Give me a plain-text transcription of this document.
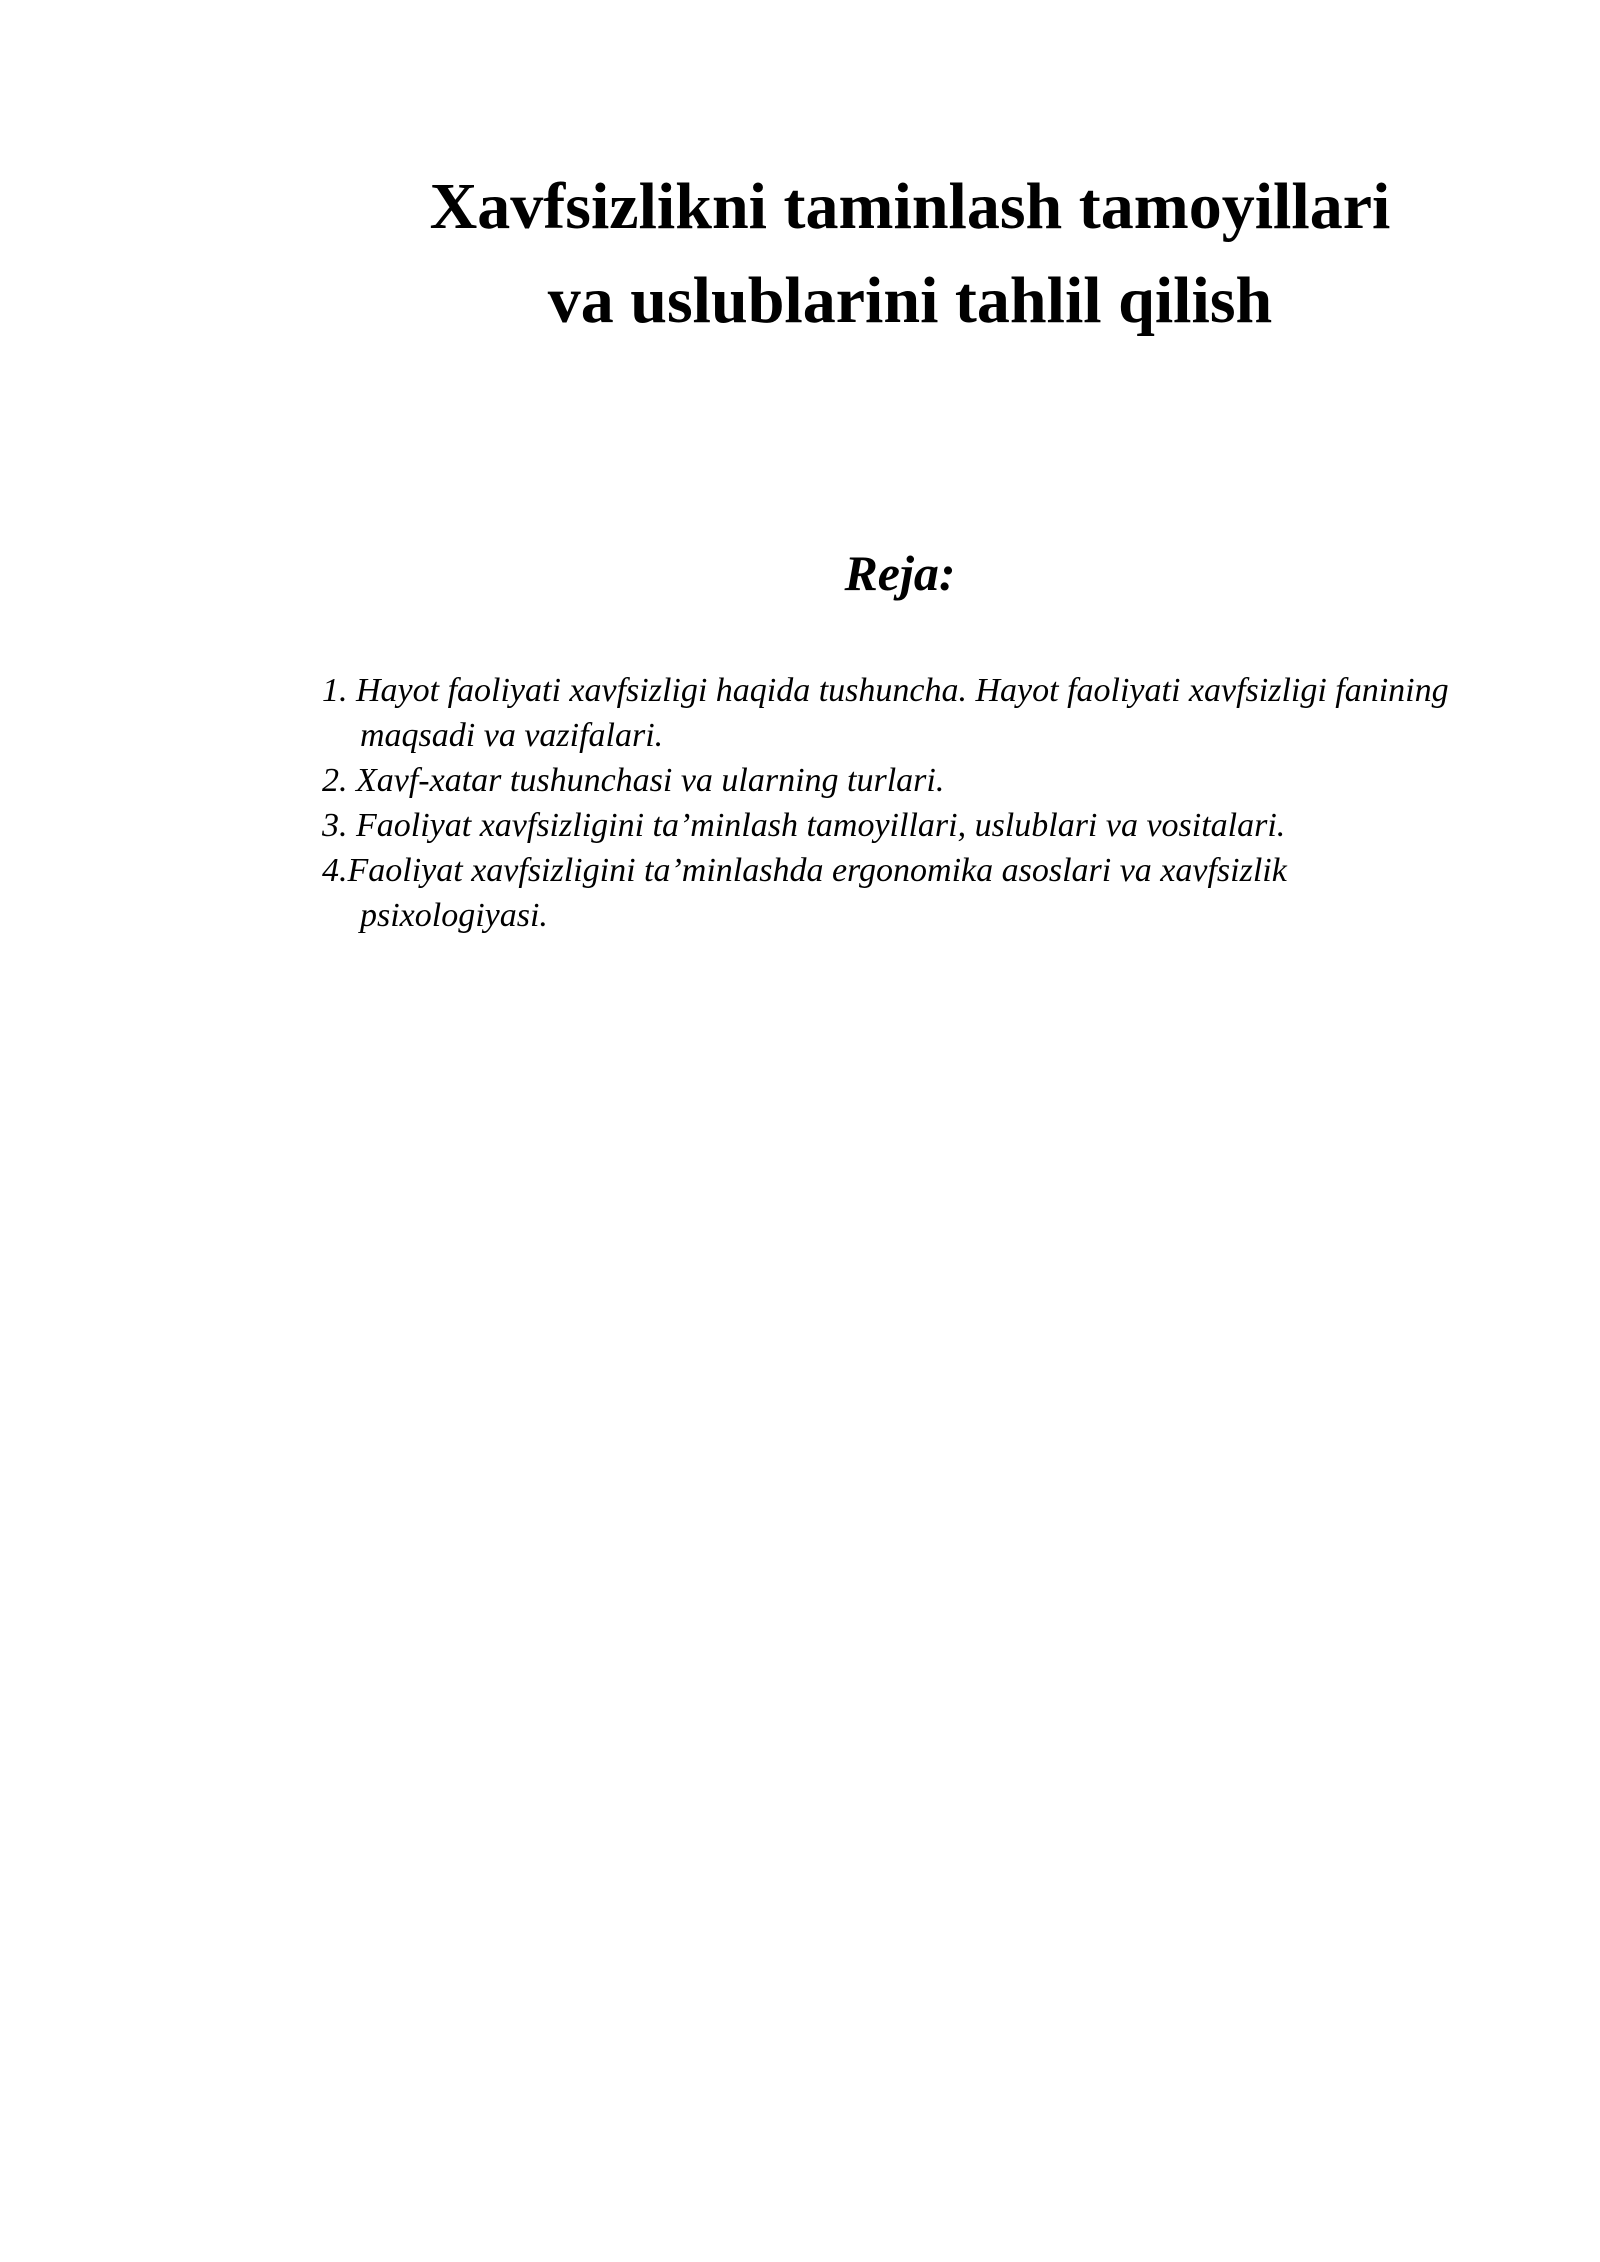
Xavfsizlikni taminlash tamoyillari
va uslublarini tahlil qilish
Reja:
1. Hayot faoliyati xavfsizligi haqida tushuncha. Hayot faoliyati xavfsizligi fanining maqsadi va vazifalari.
2. Xavf-xatar tushunchasi va ularning turlari.
3. Faoliyat xavfsizligini ta’minlash tamoyillari, uslublari va vositalari.
4.Faoliyat xavfsizligini ta’minlashda ergonomika asoslari va xavfsizlik psixologiyasi.
